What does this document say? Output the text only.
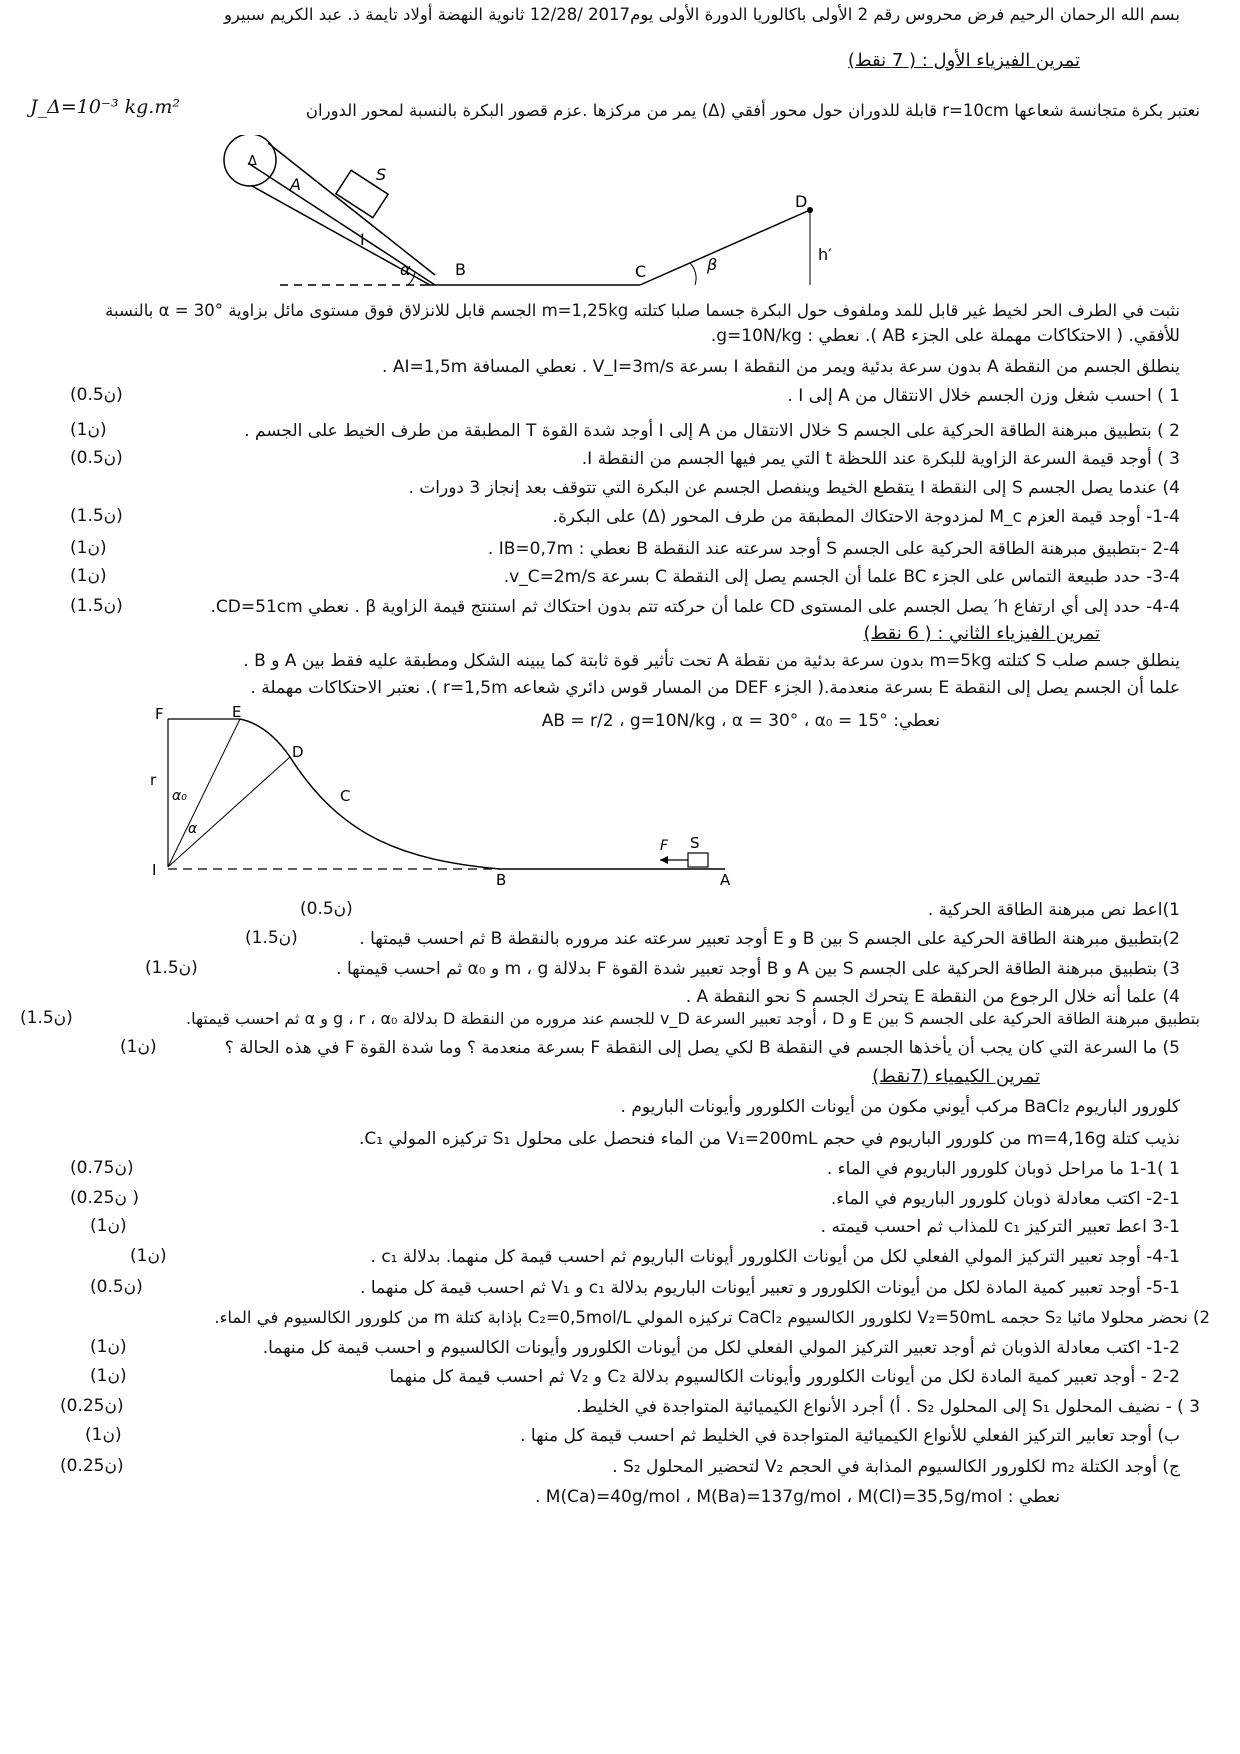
بسم الله الرحمان الرحيم فرض محروس رقم 2 الأولى باكالوريا الدورة الأولى يوم2017 /12/28 ثانوية النهضة أولاد تايمة ذ. عبد الكريم سبيرو
تمرين الفيزياء الأول : ( 7 نقط)
نعتبر بكرة متجانسة شعاعها r=10cm قابلة للدوران حول محور أفقي (Δ) يمر من مركزها .عزم قصور البكرة بالنسبة لمحور الدوران
J_Δ=10⁻³ kg.m²
Δ
A
S
I
α	B	C	β
D
h′
نثبت في الطرف الحر لخيط غير قابل للمد وملفوف حول البكرة جسما صلبا كتلته m=1,25kg الجسم قابل للانزلاق فوق مستوى مائل بزاوية α = 30° بالنسبة
للأفقي. ( الاحتكاكات مهملة على الجزء AB ). نعطي : g=10N/kg.
ينطلق الجسم من النقطة A بدون سرعة بدئية ويمر من النقطة I بسرعة V_I=3m/s . نعطي المسافة AI=1,5m .
1 ) احسب شغل وزن الجسم خلال الانتقال من A إلى I .
(0.5ن)
2 ) بتطبيق مبرهنة الطاقة الحركية على الجسم S خلال الانتقال من A إلى I أوجد شدة القوة T المطبقة من طرف الخيط على الجسم .
(1ن)
3 ) أوجد قيمة السرعة الزاوية للبكرة عند اللحظة t التي يمر فيها الجسم من النقطة I.
(0.5ن)
4) عندما يصل الجسم S إلى النقطة I يتقطع الخيط وينفصل الجسم عن البكرة التي تتوقف بعد إنجاز 3 دورات .
1-4- أوجد قيمة العزم M_c لمزدوجة الاحتكاك المطبقة من طرف المحور (Δ) على البكرة.
(1.5ن)
2-4 -بتطبيق مبرهنة الطاقة الحركية على الجسم S أوجد سرعته عند النقطة B نعطي : IB=0,7m .
(1ن)
3-4- حدد طبيعة التماس على الجزء BC علما أن الجسم يصل إلى النقطة C بسرعة v_C=2m/s.
(1ن)
4-4- حدد إلى أي ارتفاع h′ يصل الجسم على المستوى CD علما أن حركته تتم بدون احتكاك ثم استنتج قيمة الزاوية β . نعطي CD=51cm.
(1.5ن)
تمرين الفيزياء الثاني : ( 6 نقط)
ينطلق جسم صلب S كتلته m=5kg بدون سرعة بدئية من نقطة A تحت تأثير قوة ثابتة كما يبينه الشكل ومطبقة عليه فقط بين A و B .
علما أن الجسم يصل إلى النقطة E بسرعة منعدمة.( الجزء DEF من المسار قوس دائري شعاعه r=1,5m ). نعتبر الاحتكاكات مهملة .
نعطي: AB = r/2 ، g=10N/kg ، α = 30° ، α₀ = 15°
F	E
D
C
B	A
S
I
r
α₀
α
F
1)اعط نص مبرهنة الطاقة الحركية .
(0.5ن)
2)بتطبيق مبرهنة الطاقة الحركية على الجسم S بين B و E أوجد تعبير سرعته عند مروره بالنقطة B ثم احسب قيمتها .
(1.5ن)
3) بتطبيق مبرهنة الطاقة الحركية على الجسم S بين A و B أوجد تعبير شدة القوة F بدلالة m ، g و α₀ ثم احسب قيمتها .
(1.5ن)
4) علما أنه خلال الرجوع من النقطة E يتحرك الجسم S نحو النقطة A .
بتطبيق مبرهنة الطاقة الحركية على الجسم S بين E و D ، أوجد تعبير السرعة v_D للجسم عند مروره من النقطة D بدلالة g ، r ، α₀ و α ثم احسب قيمتها.
(1.5ن)
5) ما السرعة التي كان يجب أن يأخذها الجسم في النقطة B لكي يصل إلى النقطة F بسرعة منعدمة ؟ وما شدة القوة F في هذه الحالة ؟
(1ن)
تمرين الكيمياء (7نقط)
كلورور الباريوم BaCl₂ مركب أيوني مكون من أيونات الكلورور وأيونات الباريوم .
نذيب كتلة m=4,16g من كلورور الباريوم في حجم V₁=200mL من الماء فنحصل على محلول S₁ تركيزه المولي C₁.
1 )1-1 ما مراحل ذوبان كلورور الباريوم في الماء .
(0.75ن)
2-1- اكتب معادلة ذوبان كلورور الباريوم في الماء.
(0.25ن )
3-1 اعط تعبير التركيز c₁ للمذاب ثم احسب قيمته .
(1ن)
4-1- أوجد تعبير التركيز المولي الفعلي لكل من أيونات الكلورور أيونات الباريوم ثم احسب قيمة كل منهما. بدلالة c₁ .
(1ن)
5-1- أوجد تعبير كمية المادة لكل من أيونات الكلورور و تعبير أيونات الباريوم بدلالة c₁ و V₁ ثم احسب قيمة كل منهما .
(0.5ن)
2) نحضر محلولا مائيا S₂ حجمه V₂=50mL لكلورور الكالسيوم CaCl₂ تركيزه المولي C₂=0,5mol/L بإذابة كتلة m من كلورور الكالسيوم في الماء.
1-2- اكتب معادلة الذوبان ثم أوجد تعبير التركيز المولي الفعلي لكل من أيونات الكلورور وأيونات الكالسيوم و احسب قيمة كل منهما.
(1ن)
2-2 - أوجد تعبير كمية المادة لكل من أيونات الكلورور وأيونات الكالسيوم بدلالة C₂ و V₂ ثم احسب قيمة كل منهما
(1ن)
3 ) - نضيف المحلول S₁ إلى المحلول S₂ . أ) أجرد الأنواع الكيميائية المتواجدة في الخليط.
(0.25ن)
ب) أوجد تعابير التركيز الفعلي للأنواع الكيميائية المتواجدة في الخليط ثم احسب قيمة كل منها .
(1ن)
ج) أوجد الكتلة m₂ لكلورور الكالسيوم المذابة في الحجم V₂ لتحضير المحلول S₂ .
(0.25ن)
نعطي : M(Ca)=40g/mol ، M(Ba)=137g/mol ، M(Cl)=35,5g/mol .
